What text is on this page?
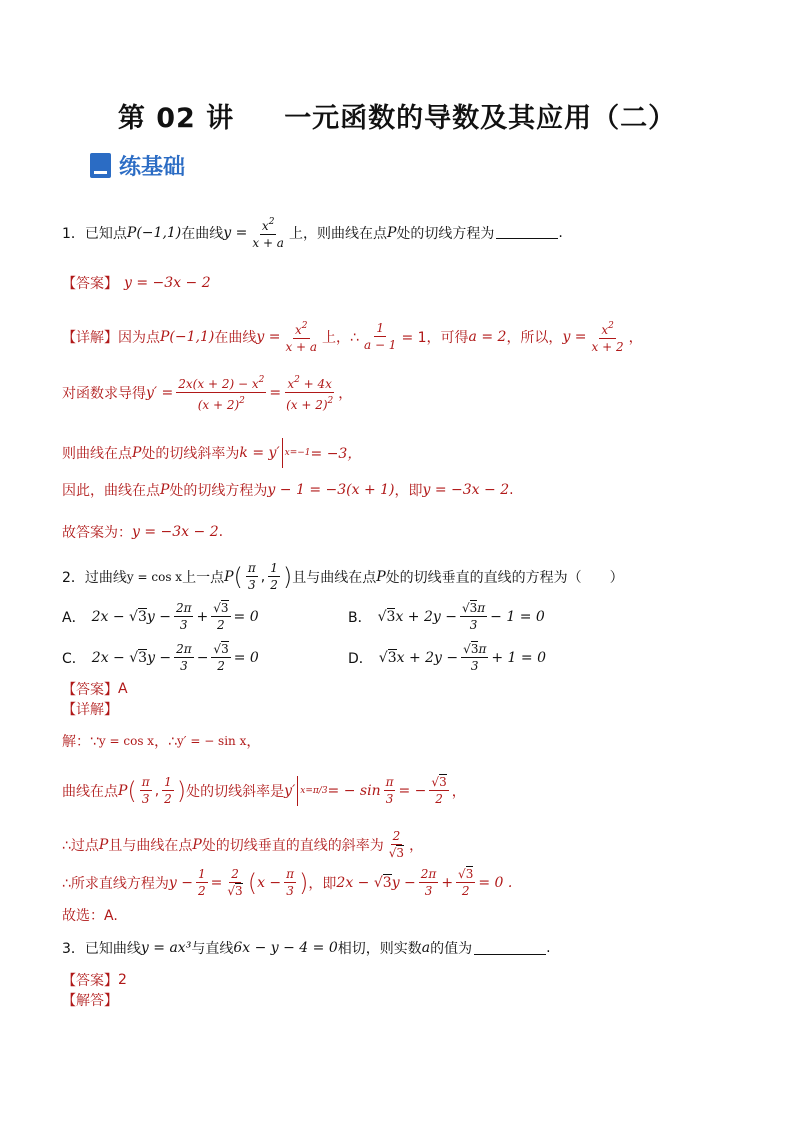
第 02 讲 一元函数的导数及其应用（二）
练基础
1． 已知点 P(−1,1) 在曲线 $y = \frac{x^2}{x + a}$ 上，则曲线在点 P 处的切线方程为	.
【答案】 y = −3x − 2
【详解】 因为点 P(−1,1) 在曲线 $y = \frac{x^2}{x + a}$ 上，∴ $\frac{1}{a - 1} = 1$，可得 a = 2 ，所以， $y = \frac{x^2}{x + 2}$ ，
对函数求导得 $y' = \frac{2x(x + 2) - x^2}{(x + 2)^2} = \frac{x^2 + 4x}{(x + 2)^2}$ ，
则曲线在点 P 处的切线斜率为 k = y′ x=−1 = −3，
因此，曲线在点 P 处的切线方程为 y − 1 = −3(x + 1) ，即 y = −3x − 2 .
故答案为： y = −3x − 2 .
2． 过曲线 y = cos x 上一点 P ( $\frac{\pi}{3}$ , $\frac{1}{2}$ ) 且与曲线在点 P 处的切线垂直的直线的方程为（　　）
A． $2x - √3y - \frac{2\pi}{3} + \frac{√3}{2} = 0$	B． $√3x + 2y - \frac{√3\pi}{3} - 1 = 0$
C． $2x - √3y - \frac{2\pi}{3} - \frac{√3}{2} = 0$	D． $√3x + 2y - \frac{√3\pi}{3} + 1 = 0$
【答案】 A
【详解】
解：∵ y = cos x ，∴ y′ = − sin x ，
曲线在点 P ( $\frac{\pi}{3}$ , $\frac{1}{2}$ ) 处的切线斜率是 y′ x=π/3 = − $\sin \frac{\pi}{3}$ = − $\frac{√3}{2}$ ，
∴过点 P 且与曲线在点 P 处的切线垂直的直线的斜率为 $\frac{2}{√3}$ ，
∴所求直线方程为 $y - \frac{1}{2} = \frac{2}{√3}$ ( $x - \frac{\pi}{3}$ ) ，即 $2x - √3y - \frac{2\pi}{3} + \frac{√3}{2} = 0$ .
故选：A.
3． 已知曲线 y = ax³ 与直线 6x − y − 4 = 0 相切，则实数 a 的值为	.
【答案】 2
【解答】
